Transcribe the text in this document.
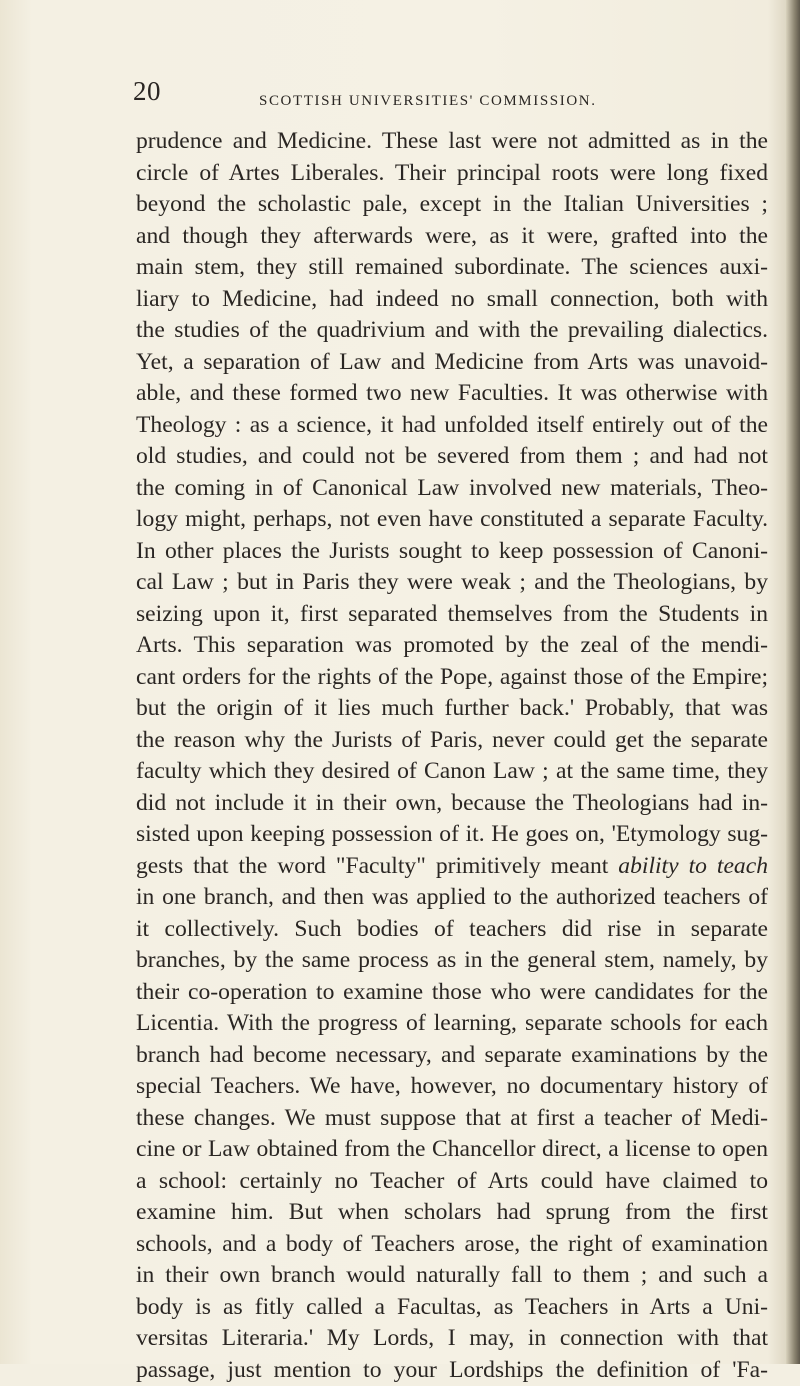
20	scottish universities' commission.
prudence and Medicine. These last were not admitted as in the
circle of Artes Liberales. Their principal roots were long fixed
beyond the scholastic pale, except in the Italian Universities ;
and though they afterwards were, as it were, grafted into the
main stem, they still remained subordinate. The sciences auxi-
liary to Medicine, had indeed no small connection, both with
the studies of the quadrivium and with the prevailing dialectics.
Yet, a separation of Law and Medicine from Arts was unavoid-
able, and these formed two new Faculties. It was otherwise with
Theology : as a science, it had unfolded itself entirely out of the
old studies, and could not be severed from them ; and had not
the coming in of Canonical Law involved new materials, Theo-
logy might, perhaps, not even have constituted a separate Faculty.
In other places the Jurists sought to keep possession of Canoni-
cal Law ; but in Paris they were weak ; and the Theologians, by
seizing upon it, first separated themselves from the Students in
Arts. This separation was promoted by the zeal of the mendi-
cant orders for the rights of the Pope, against those of the Empire;
but the origin of it lies much further back.' Probably, that was
the reason why the Jurists of Paris, never could get the separate
faculty which they desired of Canon Law ; at the same time, they
did not include it in their own, because the Theologians had in-
sisted upon keeping possession of it. He goes on, 'Etymology sug-
gests that the word "Faculty" primitively meant ability to teach
in one branch, and then was applied to the authorized teachers of
it collectively. Such bodies of teachers did rise in separate
branches, by the same process as in the general stem, namely, by
their co-operation to examine those who were candidates for the
Licentia. With the progress of learning, separate schools for each
branch had become necessary, and separate examinations by the
special Teachers. We have, however, no documentary history of
these changes. We must suppose that at first a teacher of Medi-
cine or Law obtained from the Chancellor direct, a license to open
a school: certainly no Teacher of Arts could have claimed to
examine him. But when scholars had sprung from the first
schools, and a body of Teachers arose, the right of examination
in their own branch would naturally fall to them ; and such a
body is as fitly called a Facultas, as Teachers in Arts a Uni-
versitas Literaria.' My Lords, I may, in connection with that
passage, just mention to your Lordships the definition of 'Fa-
